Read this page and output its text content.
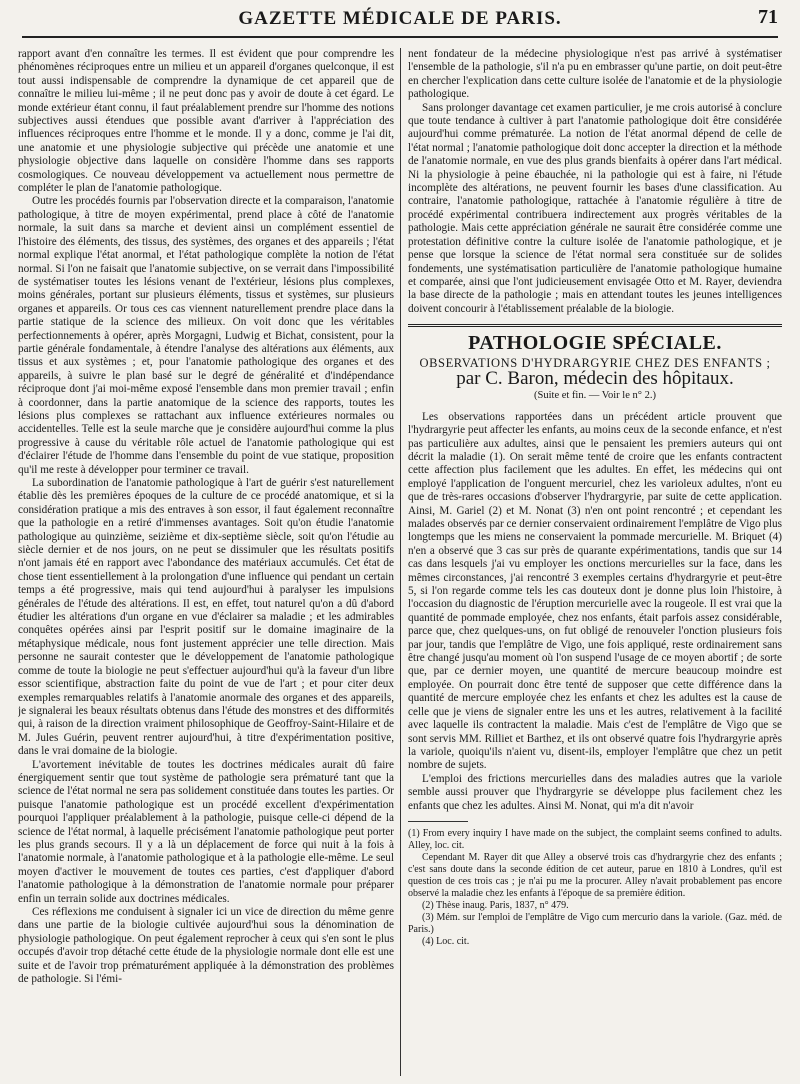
GAZETTE MÉDICALE DE PARIS.	71

rapport avant d'en connaître les termes. Il est évident que pour comprendre les phénomènes réciproques entre un milieu et un appareil d'organes quelconque, il est tout aussi indispensable de comprendre la dynamique de cet appareil que de connaître le milieu lui-même ; il ne peut donc pas y avoir de doute à cet égard. Le monde extérieur étant connu, il faut préalablement prendre sur l'homme des notions subjectives aussi étendues que possible avant d'arriver à l'appréciation des influences réciproques entre l'homme et le monde. Il y a donc, comme je l'ai dit, une anatomie et une physiologie subjective qui précède une anatomie et une physiologie objective dans laquelle on considère l'homme dans ses rapports cosmologiques. Ce nouveau développement va actuellement nous permettre de compléter le plan de l'anatomie pathologique.

Outre les procédés fournis par l'observation directe et la comparaison, l'anatomie pathologique, à titre de moyen expérimental, prend place à côté de l'anatomie normale, la suit dans sa marche et devient ainsi un complément essentiel de l'histoire des éléments, des tissus, des systèmes, des organes et des appareils ; l'état normal explique l'état anormal, et l'état pathologique complète la notion de l'état normal. Si l'on ne faisait que l'anatomie subjective, on se verrait dans l'impossibilité de systématiser toutes les lésions venant de l'extérieur, lésions plus complexes, moins générales, portant sur plusieurs éléments, tissus et systèmes, sur plusieurs organes et appareils. Or tous ces cas viennent naturellement prendre place dans la partie statique de la science des milieux. On voit donc que les véritables perfectionnements à opérer, après Morgagni, Ludwig et Bichat, consistent, pour la partie générale fondamentale, à étendre l'analyse des altérations aux éléments, aux tissus et aux systèmes ; et, pour l'anatomie pathologique des organes et des appareils, à suivre le plan basé sur le degré de généralité et d'indépendance réciproque dont j'ai moi-même exposé l'ensemble dans mon premier travail ; enfin à coordonner, dans la partie anatomique de la science des rapports, toutes les lésions plus complexes se rattachant aux influence extérieures normales ou accidentelles. Telle est la seule marche que je considère aujourd'hui comme la plus progressive à cause du véritable rôle actuel de l'anatomie pathologique qui est d'éclairer l'étude de l'homme dans l'ensemble du point de vue statique, proposition qu'il me reste à développer pour terminer ce travail.

La subordination de l'anatomie pathologique à l'art de guérir s'est naturellement établie dès les premières époques de la culture de ce procédé anatomique, et si la considération pratique a mis des entraves à son essor, il faut également reconnaître que la pathologie en a retiré d'immenses avantages. Soit qu'on étudie l'anatomie pathologique au quinzième, seizième et dix-septième siècle, soit qu'on l'étudie au siècle dernier et de nos jours, on ne peut se dissimuler que les résultats positifs n'ont jamais été en rapport avec l'abondance des matériaux accumulés. Cet état de chose tient essentiellement à la prolongation d'une influence qui pendant un certain temps a été progressive, mais qui tend aujourd'hui à paralyser les impulsions générales de l'étude des altérations. Il est, en effet, tout naturel qu'on a dû d'abord étudier les altérations d'un organe en vue d'éclairer sa maladie ; et les admirables conquêtes opérées ainsi par l'esprit positif sur le domaine imaginaire de la métaphysique médicale, nous font justement apprécier une telle direction. Mais personne ne saurait contester que le développement de l'anatomie pathologique comme de toute la biologie ne peut s'effectuer aujourd'hui qu'à la faveur d'un libre essor scientifique, abstraction faite du point de vue de l'art ; et pour citer deux exemples remarquables relatifs à l'anatomie anormale des organes et des appareils, je signalerai les beaux résultats obtenus dans l'étude des monstres et des difformités qui, à raison de la direction vraiment philosophique de Geoffroy-Saint-Hilaire et de M. Jules Guérin, peuvent rentrer aujourd'hui, à titre d'expérimentation positive, dans le vrai domaine de la biologie.

L'avortement inévitable de toutes les doctrines médicales aurait dû faire énergiquement sentir que tout système de pathologie sera prématuré tant que la science de l'état normal ne sera pas solidement constituée dans toutes les parties. Or puisque l'anatomie pathologique est un procédé excellent d'expérimentation pourquoi l'appliquer préalablement à la pathologie, puisque celle-ci dépend de la science de l'état normal, à laquelle précisément l'anatomie pathologique peut porter les plus grands secours. Il y a là un déplacement de force qui nuit à la fois à l'anatomie normale, à l'anatomie pathologique et à la pathologie elle-même. Le seul moyen d'activer le mouvement de toutes ces parties, c'est d'appliquer d'abord l'anatomie pathologique à la démonstration de l'anatomie normale pour préparer enfin un terrain solide aux doctrines médicales.

Ces réflexions me conduisent à signaler ici un vice de direction du même genre dans une partie de la biologie cultivée aujourd'hui sous la dénomination de physiologie pathologique. On peut également reprocher à ceux qui s'en sont le plus occupés d'avoir trop détaché cette étude de la physiologie normale dont elle est une suite et de l'avoir trop prématurément appliquée à la démonstration des problèmes de pathologie. Si l'émi-

nent fondateur de la médecine physiologique n'est pas arrivé à systématiser l'ensemble de la pathologie, s'il n'a pu en embrasser qu'une partie, on doit peut-être en chercher l'explication dans cette culture isolée de l'anatomie et de la physiologie pathologique.

Sans prolonger davantage cet examen particulier, je me crois autorisé à conclure que toute tendance à cultiver à part l'anatomie pathologique doit être considérée aujourd'hui comme prématurée. La notion de l'état anormal dépend de celle de l'état normal ; l'anatomie pathologique doit donc accepter la direction et la méthode de l'anatomie normale, en vue des plus grands bienfaits à opérer dans l'art médical. Ni la physiologie à peine ébauchée, ni la pathologie qui est à faire, ni l'étude incomplète des altérations, ne peuvent fournir les bases d'une classification. Au contraire, l'anatomie pathologique, rattachée à l'anatomie régulière à titre de procédé expérimental contribuera indirectement aux progrès véritables de la pathologie. Mais cette appréciation générale ne saurait être considérée comme une protestation définitive contre la culture isolée de l'anatomie pathologique, et je pense que lorsque la science de l'état normal sera constituée sur de solides fondements, une systématisation particulière de l'anatomie pathologique humaine et comparée, ainsi que l'ont judicieusement envisagée Otto et M. Rayer, deviendra la base directe de la pathologie ; mais en attendant toutes les jeunes intelligences doivent concourir à l'établissement préalable de la biologie.

PATHOLOGIE SPÉCIALE.
OBSERVATIONS D'HYDRARGYRIE CHEZ DES ENFANTS ;
par C. Baron, médecin des hôpitaux.
(Suite et fin. — Voir le n° 2.)

Les observations rapportées dans un précédent article prouvent que l'hydrargyrie peut affecter les enfants, au moins ceux de la seconde enfance, et n'est pas particulière aux adultes, ainsi que le pensaient les premiers auteurs qui ont décrit la maladie (1). On serait même tenté de croire que les enfants contractent cette affection plus facilement que les adultes. En effet, les médecins qui ont employé l'application de l'onguent mercuriel, chez les varioleux adultes, n'ont eu que de très-rares occasions d'observer l'hydrargyrie, par suite de cette application. Ainsi, M. Gariel (2) et M. Nonat (3) n'en ont point rencontré ; et cependant les malades observés par ce dernier conservaient ordinairement l'emplâtre de Vigo plus longtemps que les miens ne conservaient la pommade mercurielle. M. Briquet (4) n'en a observé que 3 cas sur près de quarante expérimentations, tandis que sur 14 cas dans lesquels j'ai vu employer les onctions mercurielles sur la face, dans les mêmes circonstances, j'ai rencontré 3 exemples certains d'hydrargyrie et peut-être 5, si l'on regarde comme tels les cas douteux dont je donne plus loin l'histoire, à l'occasion du diagnostic de l'éruption mercurielle avec la rougeole. Il est vrai que la quantité de pommade employée, chez nos enfants, était parfois assez considérable, parce que, chez quelques-uns, on fut obligé de renouveler l'onction plusieurs fois par jour, tandis que l'emplâtre de Vigo, une fois appliqué, reste ordinairement sans être changé jusqu'au moment où l'on suspend l'usage de ce moyen abortif ; de sorte que, par ce dernier moyen, une quantité de mercure beaucoup moindre est employée. On pourrait donc être tenté de supposer que cette différence dans la quantité de mercure employée chez les enfants et chez les adultes est la cause de celle que je viens de signaler entre les uns et les autres, relativement à la facilité avec laquelle ils contractent la maladie. Mais c'est de l'emplâtre de Vigo que se sont servis MM. Rilliet et Barthez, et ils ont observé quatre fois l'hydrargyrie après la variole, quoiqu'ils n'aient vu, disent-ils, employer l'emplâtre que chez un petit nombre de sujets.

L'emploi des frictions mercurielles dans des maladies autres que la variole semble aussi prouver que l'hydrargyrie se développe plus facilement chez les enfants que chez les adultes. Ainsi M. Nonat, qui m'a dit n'avoir

(1) From every inquiry I have made on the subject, the complaint seems confined to adults. Alley, loc. cit.

Cependant M. Rayer dit que Alley a observé trois cas d'hydrargyrie chez des enfants ; c'est sans doute dans la seconde édition de cet auteur, parue en 1810 à Londres, qu'il est question de ces trois cas ; je n'ai pu me la procurer. Alley n'avait probablement pas encore observé la maladie chez les enfants à l'époque de sa première édition.

(2) Thèse inaug. Paris, 1837, n° 479.

(3) Mém. sur l'emploi de l'emplâtre de Vigo cum mercurio dans la variole. (Gaz. méd. de Paris.)

(4) Loc. cit.
